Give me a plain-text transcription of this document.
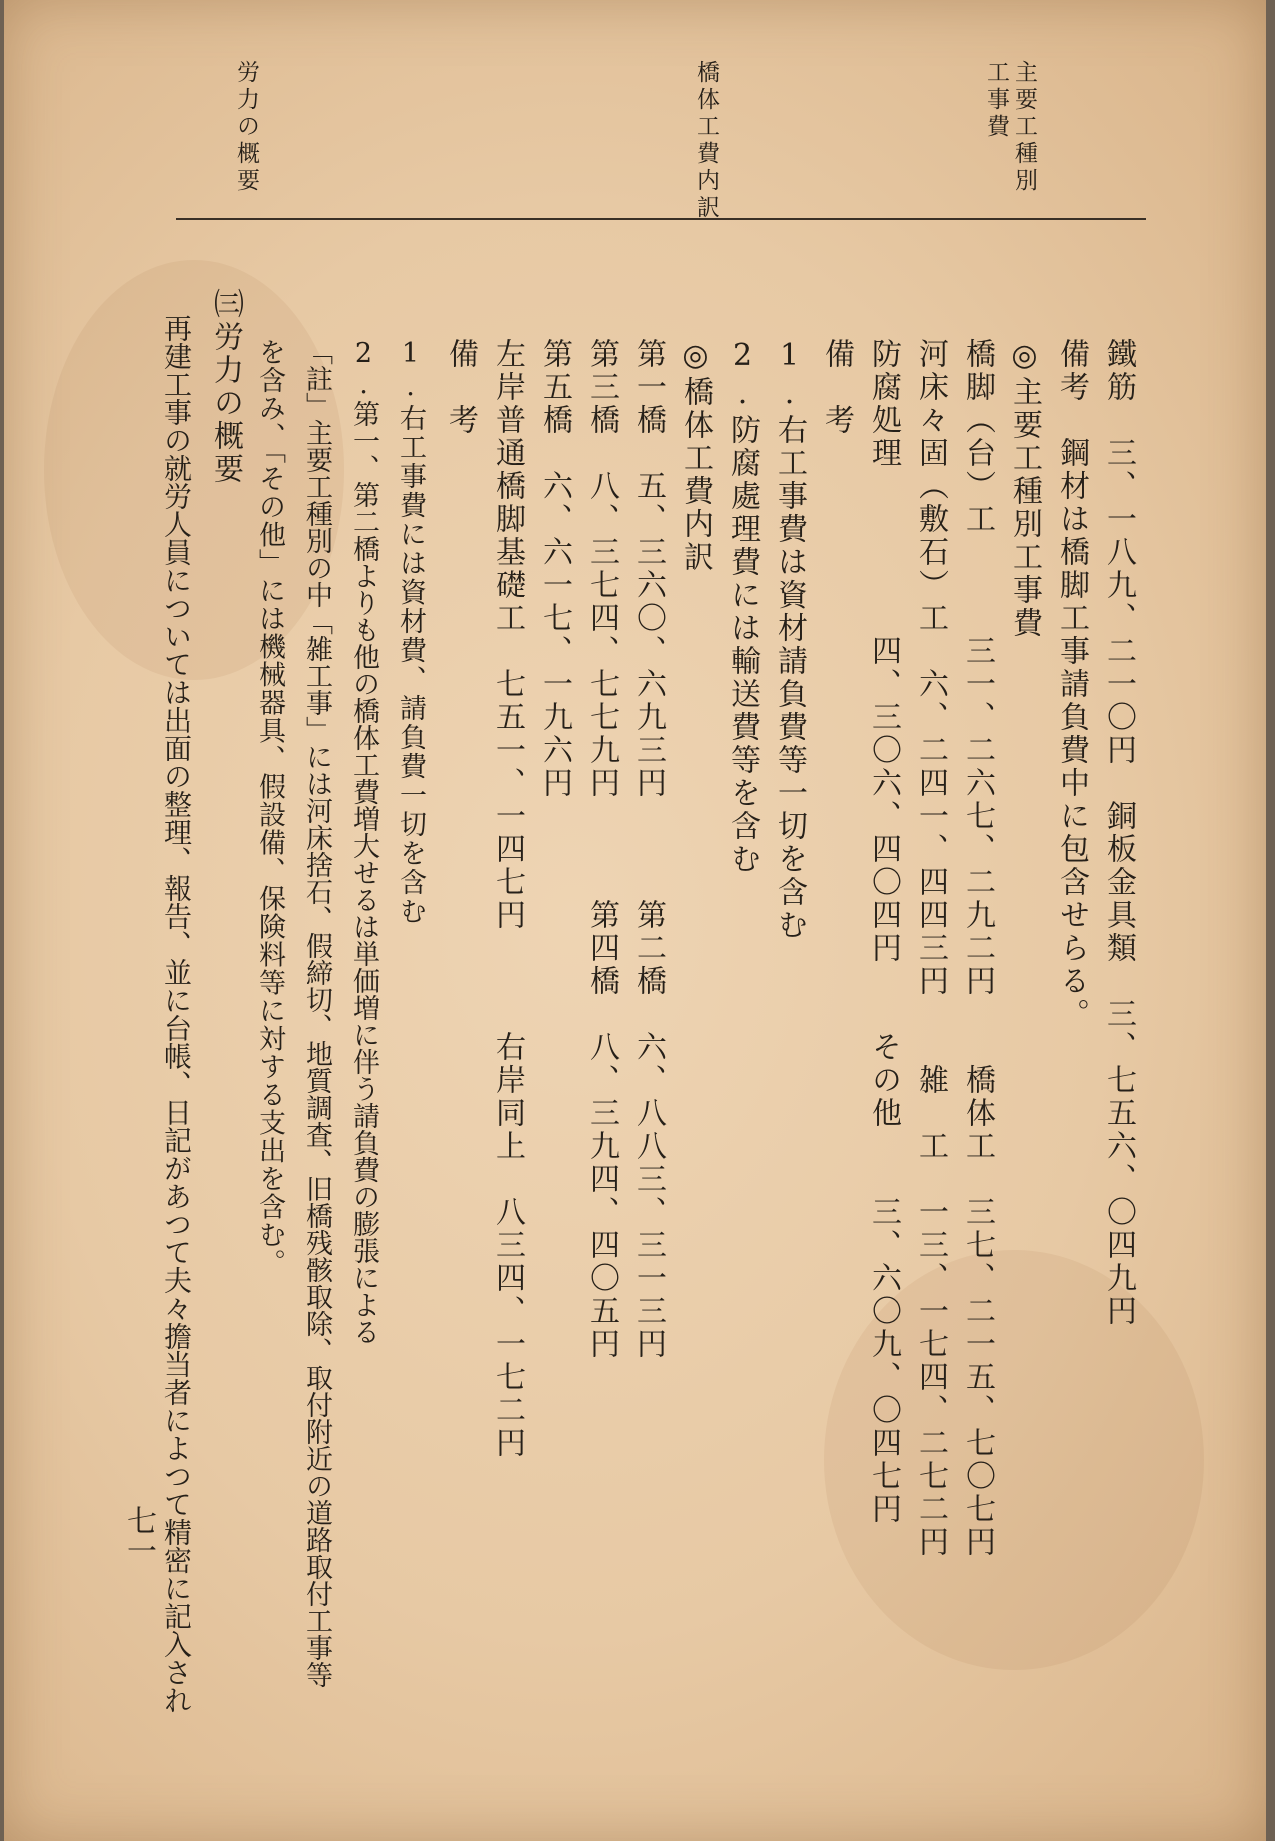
主要工種別
工事費
橋体工費内訳
労力の概要
鐵筋　三、一八九、二一〇円　銅板金具類　三、七五六、〇四九円
備考　鋼材は橋脚工事請負費中に包含せらる。
◎主要工種別工事費
橋脚（台）工　　　三一、二六七、二九二円　　橋体工　三七、二一五、七〇七円
河床々固（敷石）工　六、二四一、四四三円　　雑　工　一三、一七四、二七二円
防腐処理　　　　　四、三〇六、四〇四円　　その他　　三、六〇九、〇四七円
備　考
1.右工事費は資材請負費等一切を含む
2.防腐處理費には輸送費等を含む
◎橋体工費内訳
第一橋　五、三六〇、六九三円　　　第二橋　六、八八三、三一三円
第三橋　八、三七四、七七九円　　　第四橋　八、三九四、四〇五円
第五橋　六、六一七、一九六円
左岸普通橋脚基礎工　七五一、一四七円　　　右岸同上　八三四、一七二円
備　考
1.右工事費には資材費、請負費一切を含む
2.第一、第二橋よりも他の橋体工費増大せるは単価増に伴う請負費の膨張による
「註」主要工種別の中「雑工事」には河床捨石、假締切、地質調査、旧橋残骸取除、取付附近の道路取付工事等
を含み、「その他」には機械器具、假設備、保険料等に対する支出を含む。
㈢労力の概要
再建工事の就労人員については出面の整理、報告、並に台帳、日記があつて夫々擔当者によつて精密に記入され
七一
